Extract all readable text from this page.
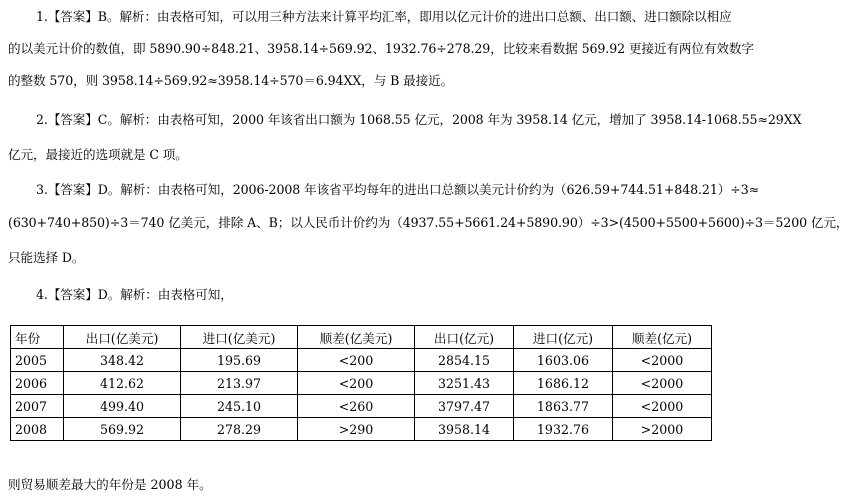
1.【答案】B。解析：由表格可知，可以用三种方法来计算平均汇率，即用以亿元计价的进出口总额、出口额、进口额除以相应
的以美元计价的数值，即 5890.90÷848.21、3958.14÷569.92、1932.76÷278.29，比较来看数据 569.92 更接近有两位有效数字
的整数 570，则 3958.14÷569.92≈3958.14÷570＝6.94XX，与 B 最接近。
2.【答案】C。解析：由表格可知，2000 年该省出口额为 1068.55 亿元，2008 年为 3958.14 亿元，增加了 3958.14-1068.55≈29XX
亿元，最接近的选项就是 C 项。
3.【答案】D。解析：由表格可知，2006-2008 年该省平均每年的进出口总额以美元计价约为（626.59+744.51+848.21）÷3≈
(630+740+850)÷3＝740 亿美元，排除 A、B；以人民币计价约为（4937.55+5661.24+5890.90）÷3>(4500+5500+5600)÷3＝5200 亿元，
只能选择 D。
4.【答案】D。解析：由表格可知，
年份	出口(亿美元)	进口(亿美元)	顺差(亿美元)	出口(亿元)	进口(亿元)	顺差(亿元)
2005	348.42	195.69	<200	2854.15	1603.06	<2000
2006	412.62	213.97	<200	3251.43	1686.12	<2000
2007	499.40	245.10	<260	3797.47	1863.77	<2000
2008	569.92	278.29	>290	3958.14	1932.76	>2000
则贸易顺差最大的年份是 2008 年。
